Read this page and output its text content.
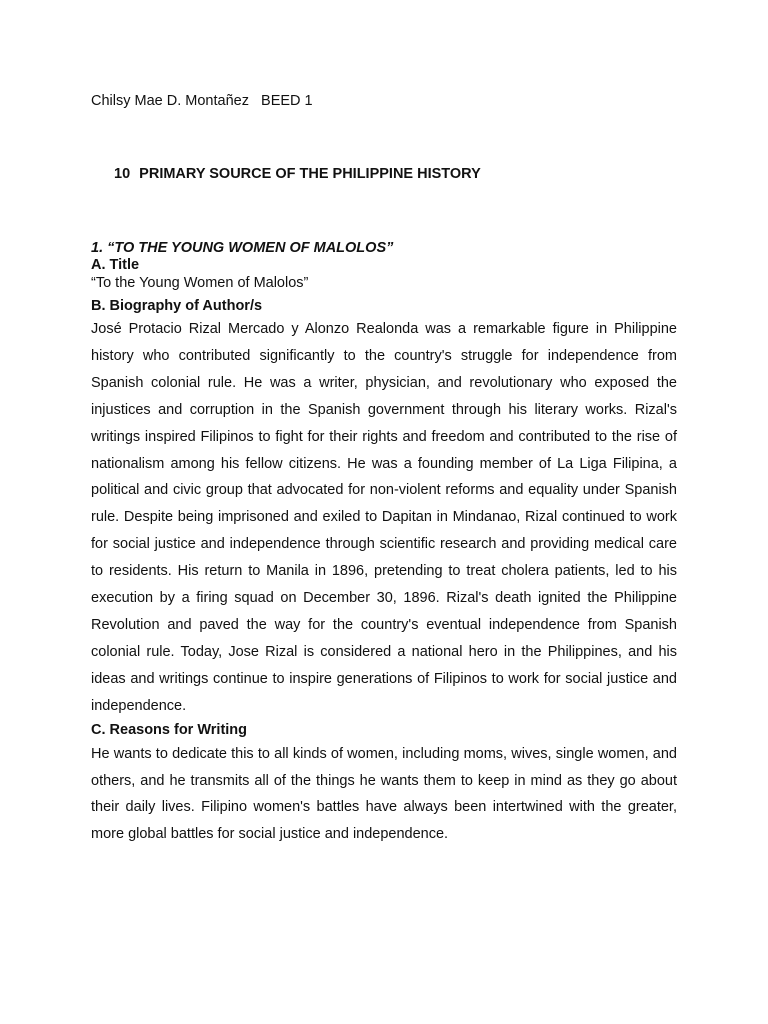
Chilsy Mae D. Montañez   BEED 1
10 PRIMARY SOURCE OF THE PHILIPPINE HISTORY
1. “TO THE YOUNG WOMEN OF MALOLOS”
A. Title
“To the Young Women of Malolos”
B. Biography of Author/s

José Protacio Rizal Mercado y Alonzo Realonda was a remarkable figure in Philippine history who contributed significantly to the country's struggle for independence from Spanish colonial rule. He was a writer, physician, and revolutionary who exposed the injustices and corruption in the Spanish government through his literary works. Rizal's writings inspired Filipinos to fight for their rights and freedom and contributed to the rise of nationalism among his fellow citizens. He was a founding member of La Liga Filipina, a political and civic group that advocated for non-violent reforms and equality under Spanish rule. Despite being imprisoned and exiled to Dapitan in Mindanao, Rizal continued to work for social justice and independence through scientific research and providing medical care to residents. His return to Manila in 1896, pretending to treat cholera patients, led to his execution by a firing squad on December 30, 1896. Rizal's death ignited the Philippine Revolution and paved the way for the country's eventual independence from Spanish colonial rule. Today, Jose Rizal is considered a national hero in the Philippines, and his ideas and writings continue to inspire generations of Filipinos to work for social justice and independence.

C. Reasons for Writing

He wants to dedicate this to all kinds of women, including moms, wives, single women, and others, and he transmits all of the things he wants them to keep in mind as they go about their daily lives. Filipino women's battles have always been intertwined with the greater, more global battles for social justice and independence.
